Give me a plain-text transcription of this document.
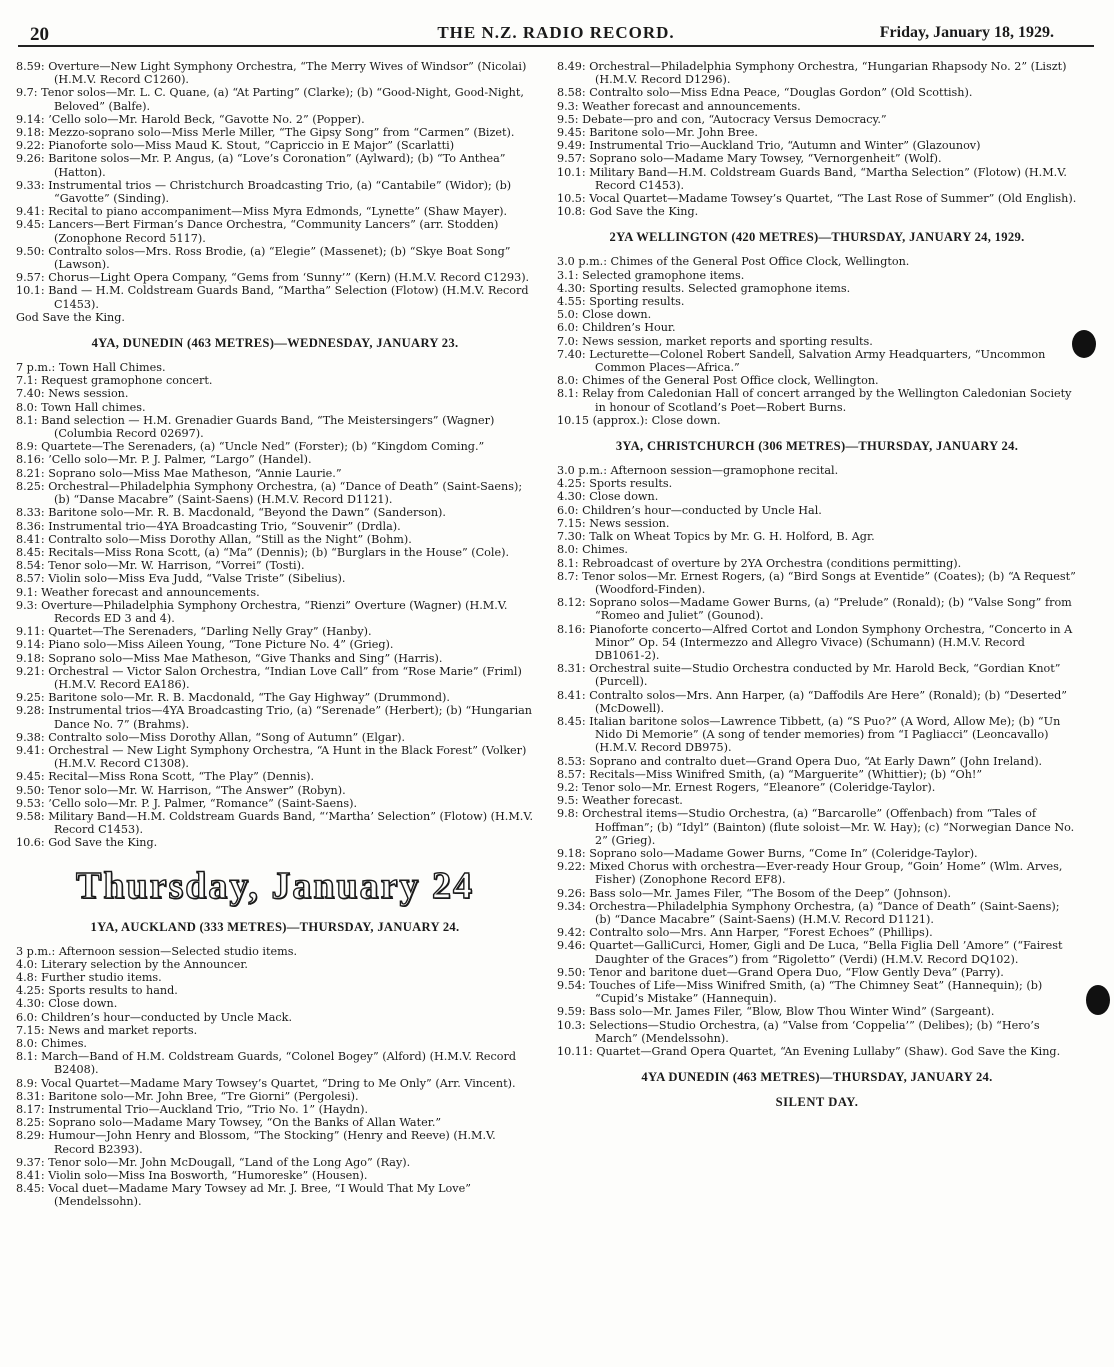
20	THE N.Z. RADIO RECORD.	Friday, January 18, 1929.
8.59: Overture—New Light Symphony Orchestra, “The Merry Wives of Windsor” (Nicolai) (H.M.V. Record C1260).
9.7: Tenor solos—Mr. L. C. Quane, (a) “At Parting” (Clarke); (b) “Good-Night, Good-Night, Beloved” (Balfe).
9.14: ’Cello solo—Mr. Harold Beck, “Gavotte No. 2” (Popper).
9.18: Mezzo-soprano solo—Miss Merle Miller, “The Gipsy Song” from “Carmen” (Bizet).
9.22: Pianoforte solo—Miss Maud K. Stout, “Capriccio in E Major” (Scarlatti)
9.26: Baritone solos—Mr. P. Angus, (a) “Love’s Coronation” (Aylward); (b) “To Anthea” (Hatton).
9.33: Instrumental trios — Christchurch Broadcasting Trio, (a) “Cantabile” (Widor); (b) “Gavotte” (Sinding).
9.41: Recital to piano accompaniment—Miss Myra Edmonds, “Lynette” (Shaw Mayer).
9.45: Lancers—Bert Firman’s Dance Orchestra, “Community Lancers” (arr. Stodden) (Zonophone Record 5117).
9.50: Contralto solos—Mrs. Ross Brodie, (a) “Elegie” (Massenet); (b) “Skye Boat Song” (Lawson).
9.57: Chorus—Light Opera Company, “Gems from ‘Sunny’” (Kern) (H.M.V. Record C1293).
10.1: Band — H.M. Coldstream Guards Band, “Martha” Selection (Flotow) (H.M.V. Record C1453).
God Save the King.
4YA, DUNEDIN (463 METRES)—WEDNESDAY, JANUARY 23.
7 p.m.: Town Hall Chimes.
7.1: Request gramophone concert.
7.40: News session.
8.0: Town Hall chimes.
8.1: Band selection — H.M. Grenadier Guards Band, “The Meistersingers” (Wagner) (Columbia Record 02697).
8.9: Quartete—The Serenaders, (a) “Uncle Ned” (Forster); (b) “Kingdom Coming.”
8.16: ’Cello solo—Mr. P. J. Palmer, “Largo” (Handel).
8.21: Soprano solo—Miss Mae Matheson, “Annie Laurie.”
8.25: Orchestral—Philadelphia Symphony Orchestra, (a) “Dance of Death” (Saint-Saens); (b) “Danse Macabre” (Saint-Saens) (H.M.V. Record D1121).
8.33: Baritone solo—Mr. R. B. Macdonald, “Beyond the Dawn” (Sanderson).
8.36: Instrumental trio—4YA Broadcasting Trio, “Souvenir” (Drdla).
8.41: Contralto solo—Miss Dorothy Allan, “Still as the Night” (Bohm).
8.45: Recitals—Miss Rona Scott, (a) “Ma” (Dennis); (b) “Burglars in the House” (Cole).
8.54: Tenor solo—Mr. W. Harrison, “Vorrei” (Tosti).
8.57: Violin solo—Miss Eva Judd, “Valse Triste” (Sibelius).
9.1: Weather forecast and announcements.
9.3: Overture—Philadelphia Symphony Orchestra, “Rienzi” Overture (Wagner) (H.M.V. Records ED 3 and 4).
9.11: Quartet—The Serenaders, “Darling Nelly Gray” (Hanby).
9.14: Piano solo—Miss Aileen Young, “Tone Picture No. 4” (Grieg).
9.18: Soprano solo—Miss Mae Matheson, “Give Thanks and Sing” (Harris).
9.21: Orchestral — Victor Salon Orchestra, “Indian Love Call” from “Rose Marie” (Friml) (H.M.V. Record EA186).
9.25: Baritone solo—Mr. R. B. Macdonald, “The Gay Highway” (Drummond).
9.28: Instrumental trios—4YA Broadcasting Trio, (a) “Serenade” (Herbert); (b) “Hungarian Dance No. 7” (Brahms).
9.38: Contralto solo—Miss Dorothy Allan, “Song of Autumn” (Elgar).
9.41: Orchestral — New Light Symphony Orchestra, “A Hunt in the Black Forest” (Volker) (H.M.V. Record C1308).
9.45: Recital—Miss Rona Scott, “The Play” (Dennis).
9.50: Tenor solo—Mr. W. Harrison, “The Answer” (Robyn).
9.53: ’Cello solo—Mr. P. J. Palmer, “Romance” (Saint-Saens).
9.58: Military Band—H.M. Coldstream Guards Band, “‘Martha’ Selection” (Flotow) (H.M.V. Record C1453).
10.6: God Save the King.
Thursday, January 24
1YA, AUCKLAND (333 METRES)—THURSDAY, JANUARY 24.
3 p.m.: Afternoon session—Selected studio items.
4.0: Literary selection by the Announcer.
4.8: Further studio items.
4.25: Sports results to hand.
4.30: Close down.
6.0: Children’s hour—conducted by Uncle Mack.
7.15: News and market reports.
8.0: Chimes.
8.1: March—Band of H.M. Coldstream Guards, “Colonel Bogey” (Alford) (H.M.V. Record B2408).
8.9: Vocal Quartet—Madame Mary Towsey’s Quartet, “Dring to Me Only” (Arr. Vincent).
8.31: Baritone solo—Mr. John Bree, “Tre Giorni” (Pergolesi).
8.17: Instrumental Trio—Auckland Trio, “Trio No. 1” (Haydn).
8.25: Soprano solo—Madame Mary Towsey, “On the Banks of Allan Water.”
8.29: Humour—John Henry and Blossom, “The Stocking” (Henry and Reeve) (H.M.V. Record B2393).
9.37: Tenor solo—Mr. John McDougall, “Land of the Long Ago” (Ray).
8.41: Violin solo—Miss Ina Bosworth, “Humoreske” (Housen).
8.45: Vocal duet—Madame Mary Towsey ad Mr. J. Bree, “I Would That My Love” (Mendelssohn).
8.49: Orchestral—Philadelphia Symphony Orchestra, “Hungarian Rhapsody No. 2” (Liszt) (H.M.V. Record D1296).
8.58: Contralto solo—Miss Edna Peace, “Douglas Gordon” (Old Scottish).
9.3: Weather forecast and announcements.
9.5: Debate—pro and con, “Autocracy Versus Democracy.”
9.45: Baritone solo—Mr. John Bree.
9.49: Instrumental Trio—Auckland Trio, “Autumn and Winter” (Glazounov)
9.57: Soprano solo—Madame Mary Towsey, “Vernorgenheit” (Wolf).
10.1: Military Band—H.M. Coldstream Guards Band, “Martha Selection” (Flotow) (H.M.V. Record C1453).
10.5: Vocal Quartet—Madame Towsey’s Quartet, “The Last Rose of Summer” (Old English).
10.8: God Save the King.
2YA WELLINGTON (420 METRES)—THURSDAY, JANUARY 24, 1929.
3.0 p.m.: Chimes of the General Post Office Clock, Wellington.
3.1: Selected gramophone items.
4.30: Sporting results. Selected gramophone items.
4.55: Sporting results.
5.0: Close down.
6.0: Children’s Hour.
7.0: News session, market reports and sporting results.
7.40: Lecturette—Colonel Robert Sandell, Salvation Army Headquarters, “Uncommon Common Places—Africa.”
8.0: Chimes of the General Post Office clock, Wellington.
8.1: Relay from Caledonian Hall of concert arranged by the Wellington Caledonian Society in honour of Scotland’s Poet—Robert Burns.
10.15 (approx.): Close down.
3YA, CHRISTCHURCH (306 METRES)—THURSDAY, JANUARY 24.
3.0 p.m.: Afternoon session—gramophone recital.
4.25: Sports results.
4.30: Close down.
6.0: Children’s hour—conducted by Uncle Hal.
7.15: News session.
7.30: Talk on Wheat Topics by Mr. G. H. Holford, B. Agr.
8.0: Chimes.
8.1: Rebroadcast of overture by 2YA Orchestra (conditions permitting).
8.7: Tenor solos—Mr. Ernest Rogers, (a) “Bird Songs at Eventide” (Coates); (b) “A Request” (Woodford-Finden).
8.12: Soprano solos—Madame Gower Burns, (a) “Prelude” (Ronald); (b) “Valse Song” from “Romeo and Juliet” (Gounod).
8.16: Pianoforte concerto—Alfred Cortot and London Symphony Orchestra, “Concerto in A Minor” Op. 54 (Intermezzo and Allegro Vivace) (Schumann) (H.M.V. Record DB1061-2).
8.31: Orchestral suite—Studio Orchestra conducted by Mr. Harold Beck, “Gordian Knot” (Purcell).
8.41: Contralto solos—Mrs. Ann Harper, (a) “Daffodils Are Here” (Ronald); (b) “Deserted” (McDowell).
8.45: Italian baritone solos—Lawrence Tibbett, (a) “S Puo?” (A Word, Allow Me); (b) “Un Nido Di Memorie” (A song of tender memories) from “I Pagliacci” (Leoncavallo) (H.M.V. Record DB975).
8.53: Soprano and contralto duet—Grand Opera Duo, “At Early Dawn” (John Ireland).
8.57: Recitals—Miss Winifred Smith, (a) “Marguerite” (Whittier); (b) “Oh!”
9.2: Tenor solo—Mr. Ernest Rogers, “Eleanore” (Coleridge-Taylor).
9.5: Weather forecast.
9.8: Orchestral items—Studio Orchestra, (a) “Barcarolle” (Offenbach) from “Tales of Hoffman”; (b) “Idyl” (Bainton) (flute soloist—Mr. W. Hay); (c) “Norwegian Dance No. 2” (Grieg).
9.18: Soprano solo—Madame Gower Burns, “Come In” (Coleridge-Taylor).
9.22: Mixed Chorus with orchestra—Ever-ready Hour Group, “Goin’ Home” (Wlm. Arves, Fisher) (Zonophone Record EF8).
9.26: Bass solo—Mr. James Filer, “The Bosom of the Deep” (Johnson).
9.34: Orchestra—Philadelphia Symphony Orchestra, (a) “Dance of Death” (Saint-Saens); (b) “Dance Macabre” (Saint-Saens) (H.M.V. Record D1121).
9.42: Contralto solo—Mrs. Ann Harper, “Forest Echoes” (Phillips).
9.46: Quartet—GalliCurci, Homer, Gigli and De Luca, “Bella Figlia Dell ’Amore” (“Fairest Daughter of the Graces”) from “Rigoletto” (Verdi) (H.M.V. Record DQ102).
9.50: Tenor and baritone duet—Grand Opera Duo, “Flow Gently Deva” (Parry).
9.54: Touches of Life—Miss Winifred Smith, (a) “The Chimney Seat” (Hannequin); (b) “Cupid’s Mistake” (Hannequin).
9.59: Bass solo—Mr. James Filer, “Blow, Blow Thou Winter Wind” (Sargeant).
10.3: Selections—Studio Orchestra, (a) “Valse from ‘Coppelia’” (Delibes); (b) “Hero’s March” (Mendelssohn).
10.11: Quartet—Grand Opera Quartet, “An Evening Lullaby” (Shaw). God Save the King.
4YA DUNEDIN (463 METRES)—THURSDAY, JANUARY 24.
SILENT DAY.
